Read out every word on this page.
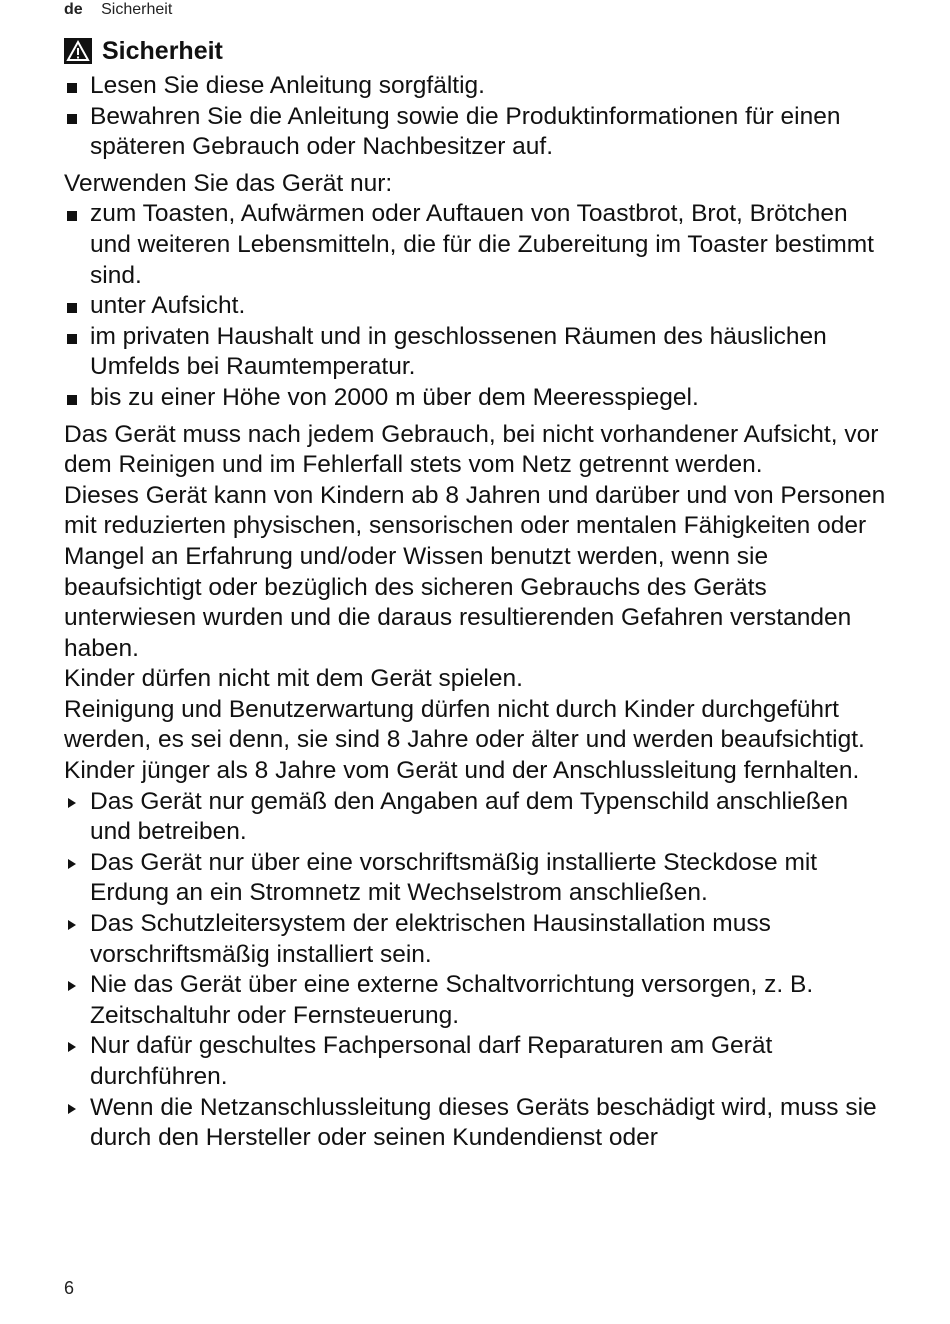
de Sicherheit
Sicherheit
Lesen Sie diese Anleitung sorgfältig.
Bewahren Sie die Anleitung sowie die Produktinformationen für einen späteren Gebrauch oder Nachbesitzer auf.

Verwenden Sie das Gerät nur:

zum Toasten, Aufwärmen oder Auftauen von Toastbrot, Brot, Brötchen und weiteren Lebensmitteln, die für die Zubereitung im Toaster bestimmt sind.
unter Aufsicht.
im privaten Haushalt und in geschlossenen Räumen des häuslichen Umfelds bei Raumtemperatur.
bis zu einer Höhe von 2000 m über dem Meeresspiegel.

Das Gerät muss nach jedem Gebrauch, bei nicht vorhandener Aufsicht, vor dem Reinigen und im Fehlerfall stets vom Netz getrennt werden.

Dieses Gerät kann von Kindern ab 8 Jahren und darüber und von Personen mit reduzierten physischen, sensorischen oder mentalen Fähigkeiten oder Mangel an Erfahrung und/oder Wissen benutzt werden, wenn sie beaufsichtigt oder bezüglich des sicheren Gebrauchs des Geräts unterwiesen wurden und die daraus resultierenden Gefahren verstanden haben.

Kinder dürfen nicht mit dem Gerät spielen.

Reinigung und Benutzerwartung dürfen nicht durch Kinder durchgeführt werden, es sei denn, sie sind 8 Jahre oder älter und werden beaufsichtigt.

Kinder jünger als 8 Jahre vom Gerät und der Anschlussleitung fernhalten.

Das Gerät nur gemäß den Angaben auf dem Typenschild anschließen und betreiben.
Das Gerät nur über eine vorschriftsmäßig installierte Steckdose mit Erdung an ein Stromnetz mit Wechselstrom anschließen.
Das Schutzleitersystem der elektrischen Hausinstallation muss vorschriftsmäßig installiert sein.
Nie das Gerät über eine externe Schaltvorrichtung versorgen, z. B. Zeitschaltuhr oder Fernsteuerung.
Nur dafür geschultes Fachpersonal darf Reparaturen am Gerät durchführen.
Wenn die Netzanschlussleitung dieses Geräts beschädigt wird, muss sie durch den Hersteller oder seinen Kundendienst oder
6
